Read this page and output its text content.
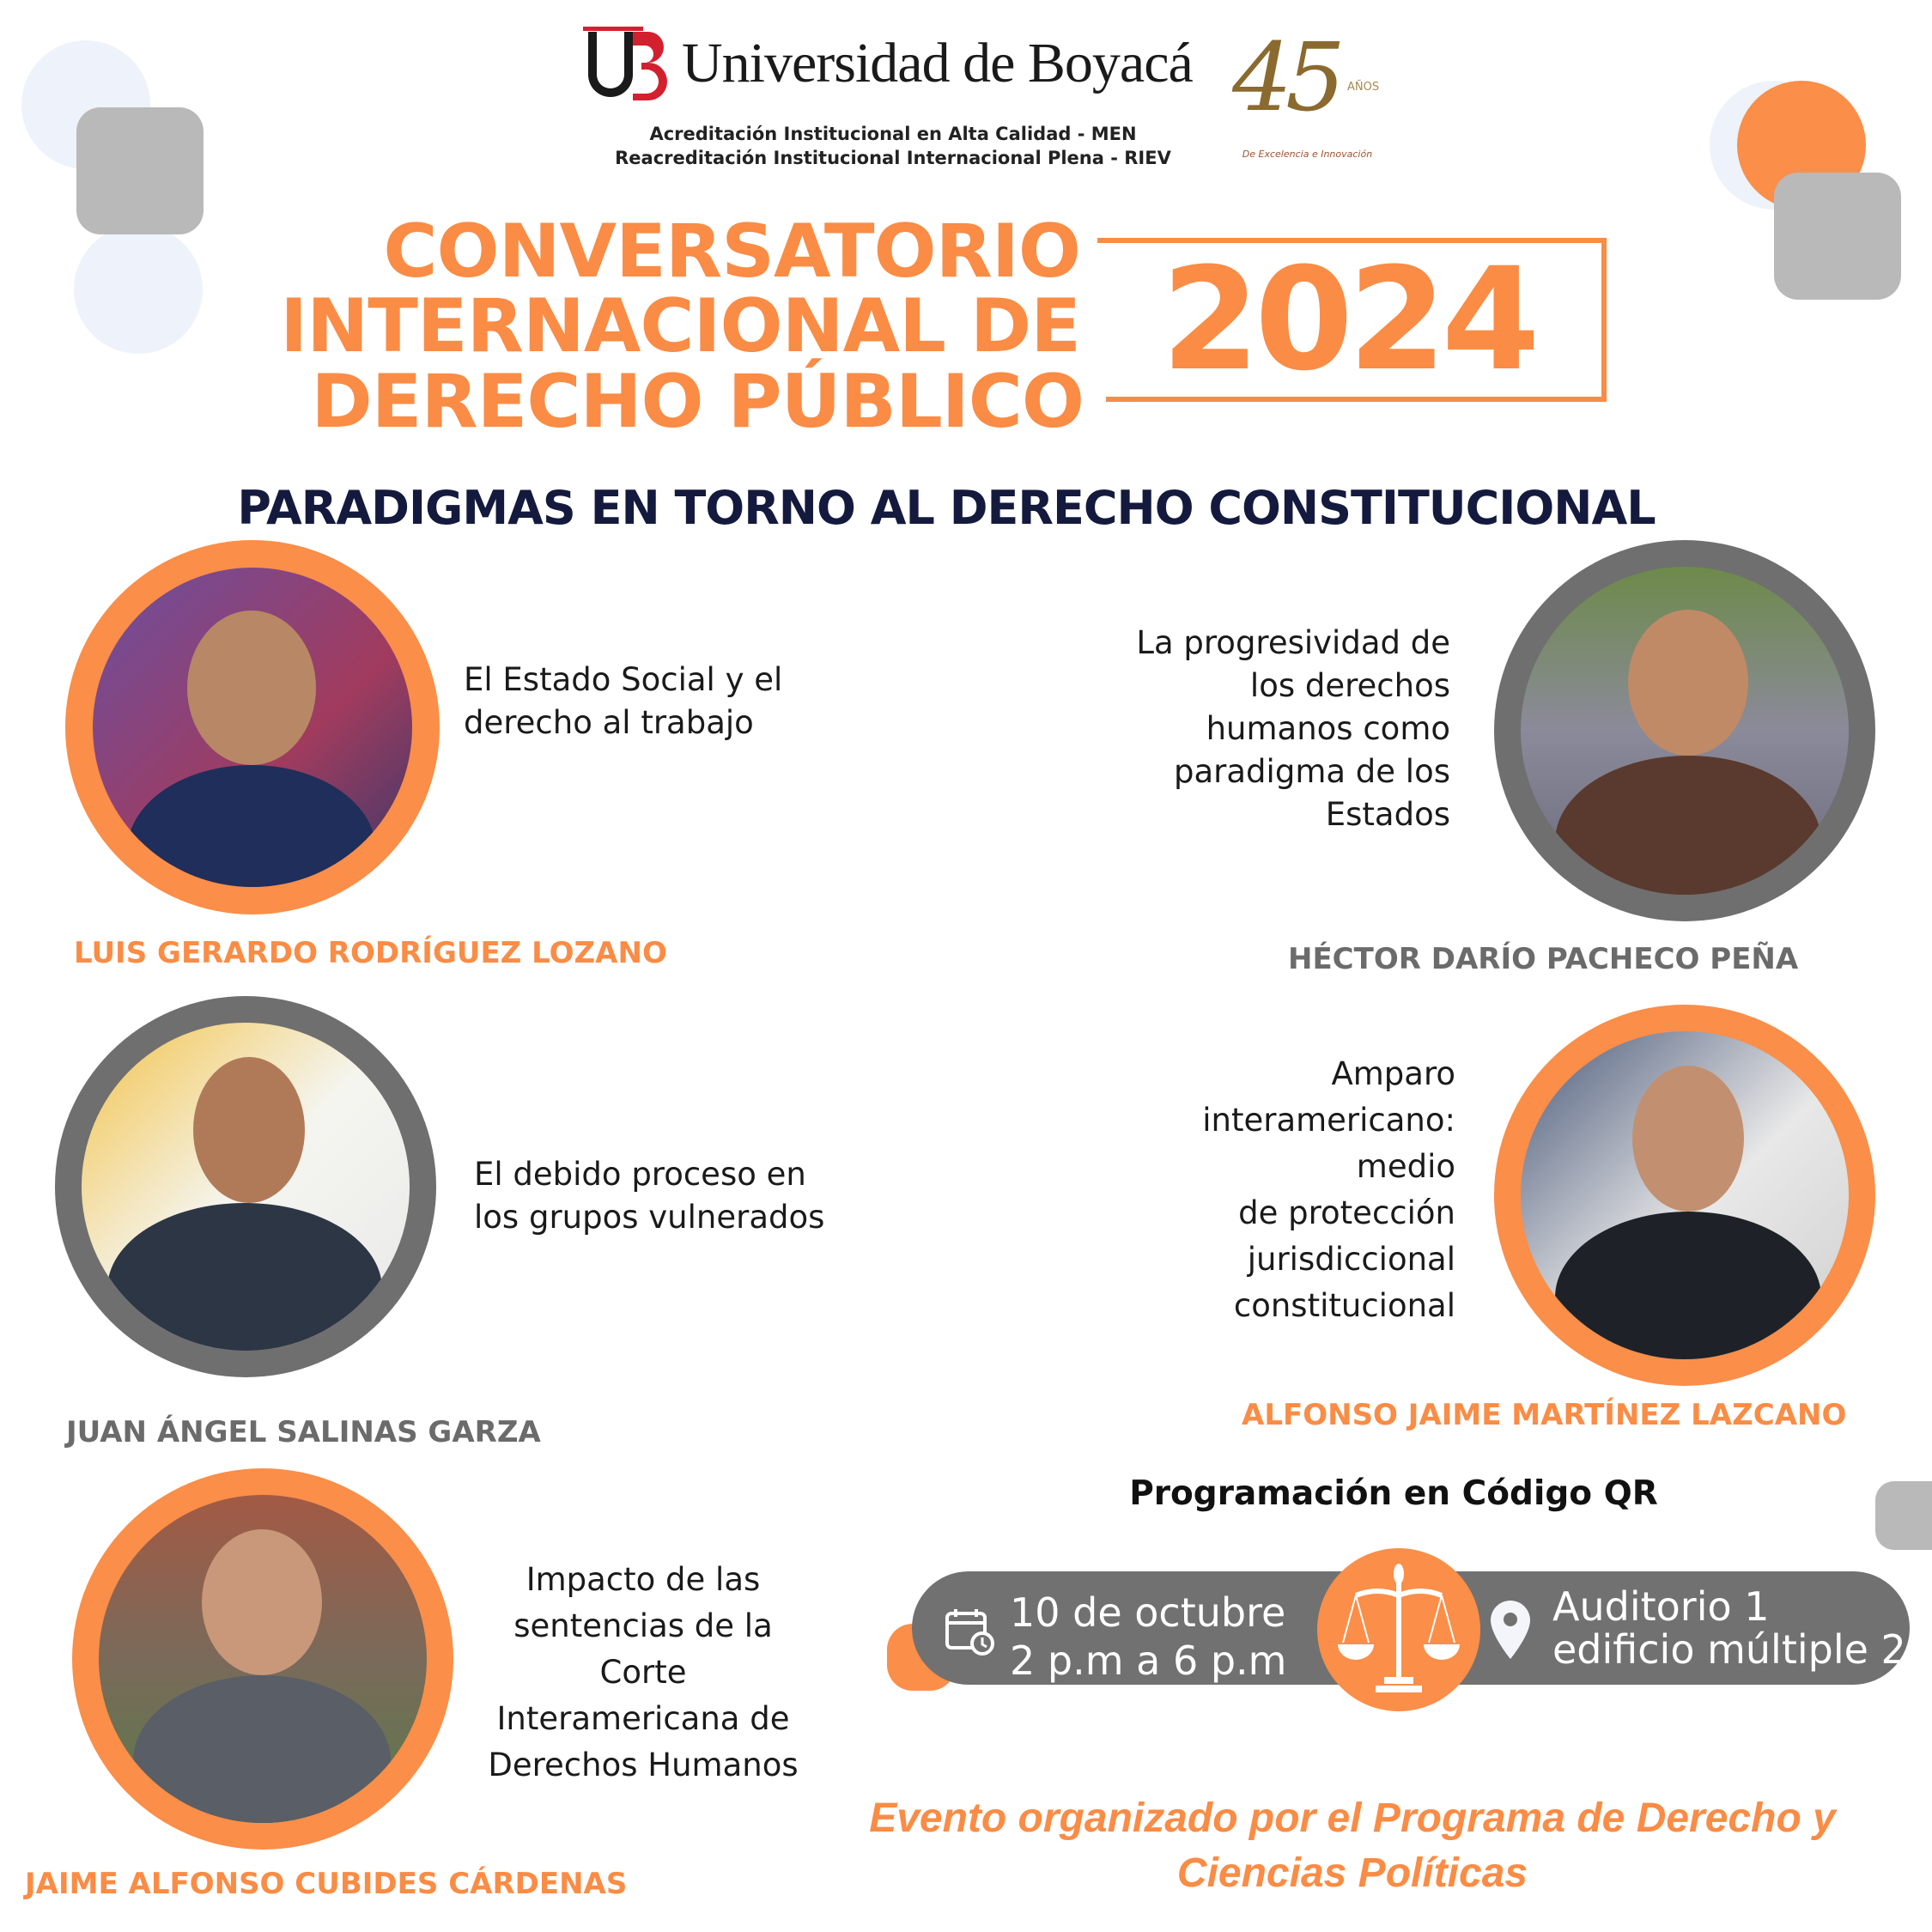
Universidad de Boyacá
Acreditación Institucional en Alta Calidad - MEN
Reacreditación Institucional Internacional Plena - RIEV
45 AÑOS
De Excelencia e Innovación
CONVERSATORIO
INTERNACIONAL DE
DERECHO PÚBLICO 2024
PARADIGMAS EN TORNO AL DERECHO CONSTITUCIONAL
El Estado Social y el
derecho al trabajo
LUIS GERARDO RODRÍGUEZ LOZANO
La progresividad de
los derechos
humanos como
paradigma de los
Estados
HÉCTOR DARÍO PACHECO PEÑA
El debido proceso en
los grupos vulnerados
JUAN ÁNGEL SALINAS GARZA
Amparo
interamericano:
medio
de protección
jurisdiccional
constitucional
ALFONSO JAIME MARTÍNEZ LAZCANO
Impacto de las
sentencias de la
Corte
Interamericana de
Derechos Humanos
JAIME ALFONSO CUBIDES CÁRDENAS
Programación en Código QR
10 de octubre
2 p.m a 6 p.m
Auditorio 1
edificio múltiple 2
Evento organizado por el Programa de Derecho y
Ciencias Políticas
